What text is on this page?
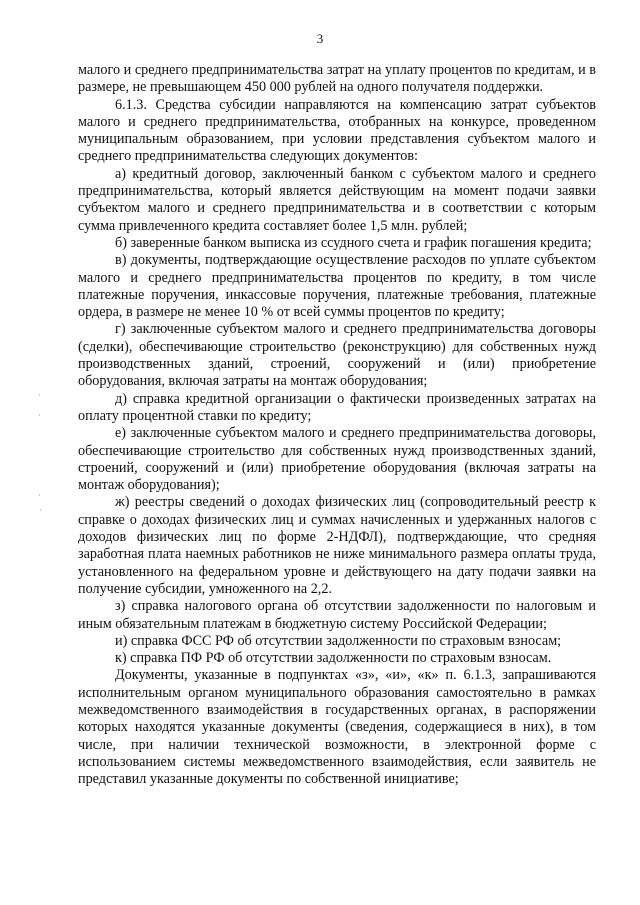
3

малого и среднего предпринимательства затрат на уплату процентов по кредитам, и в размере, не превышающем 450 000 рублей на одного получателя поддержки.

6.1.3. Средства субсидии направляются на компенсацию затрат субъектов малого и среднего предпринимательства, отобранных на конкурсе, проведенном муниципальным образованием, при условии представления субъектом малого и среднего предпринимательства следующих документов:

а) кредитный договор, заключенный банком с субъектом малого и среднего предпринимательства, который является действующим на момент подачи заявки субъектом малого и среднего предпринимательства и в соответствии с которым сумма привлеченного кредита составляет более 1,5 млн. рублей;

б) заверенные банком выписка из ссудного счета и график погашения кредита;

в) документы, подтверждающие осуществление расходов по уплате субъектом малого и среднего предпринимательства процентов по кредиту, в том числе платежные поручения, инкассовые поручения, платежные требования, платежные ордера, в размере не менее 10 % от всей суммы процентов по кредиту;

г) заключенные субъектом малого и среднего предпринимательства договоры (сделки), обеспечивающие строительство (реконструкцию) для собственных нужд производственных зданий, строений, сооружений и (или) приобретение оборудования, включая затраты на монтаж оборудования;

д) справка кредитной организации о фактически произведенных затратах на оплату процентной ставки по кредиту;

е) заключенные субъектом малого и среднего предпринимательства договоры, обеспечивающие строительство для собственных нужд производственных зданий, строений, сооружений и (или) приобретение оборудования (включая затраты на монтаж оборудования);

ж) реестры сведений о доходах физических лиц (сопроводительный реестр к справке о доходах физических лиц и суммах начисленных и удержанных налогов с доходов физических лиц по форме 2-НДФЛ), подтверждающие, что средняя заработная плата наемных работников не ниже минимального размера оплаты труда, установленного на федеральном уровне и действующего на дату подачи заявки на получение субсидии, умноженного на 2,2.

з) справка налогового органа об отсутствии задолженности по налоговым и иным обязательным платежам в бюджетную систему Российской Федерации;

и) справка ФСС РФ об отсутствии задолженности по страховым взносам;

к) справка ПФ РФ об отсутствии задолженности по страховым взносам.

Документы, указанные в подпунктах «з», «и», «к» п. 6.1.3, запрашиваются исполнительным органом муниципального образования самостоятельно в рамках межведомственного взаимодействия в государственных органах, в распоряжении которых находятся указанные документы (сведения, содержащиеся в них), в том числе, при наличии технической возможности, в электронной форме с использованием системы межведомственного взаимодействия, если заявитель не представил указанные документы по собственной инициативе;

·
·
·
·
